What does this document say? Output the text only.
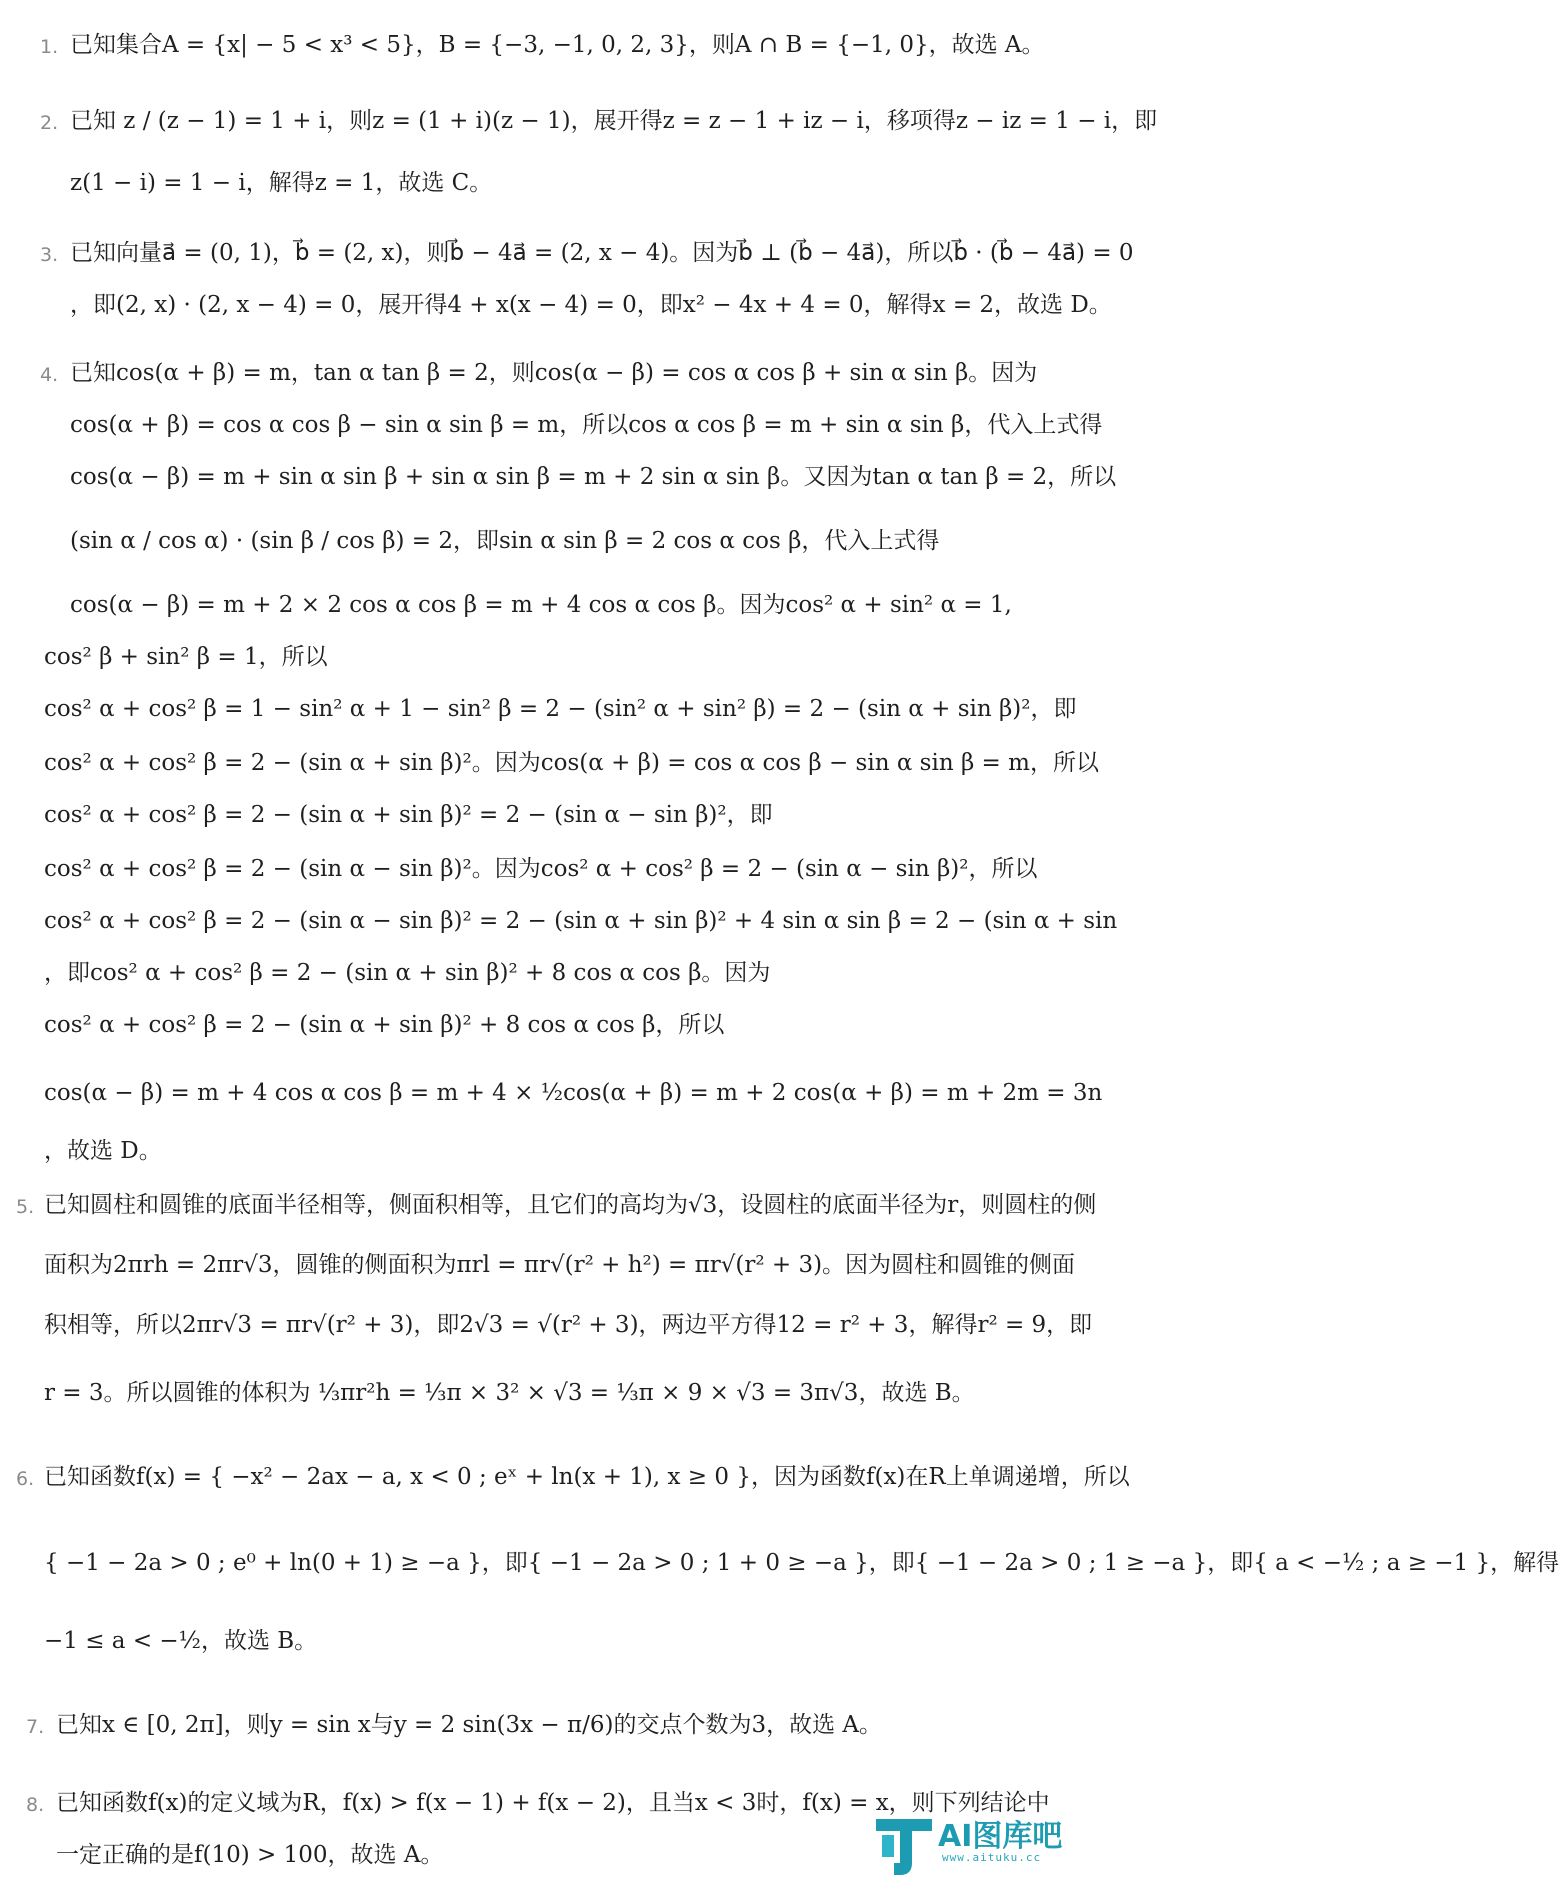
1. 已知集合A = {x| − 5 < x³ < 5}，B = {−3, −1, 0, 2, 3}，则A ∩ B = {−1, 0}，故选 A。
2. 已知 z / (z − 1) = 1 + i，则z = (1 + i)(z − 1)，展开得z = z − 1 + iz − i，移项得z − iz = 1 − i，即
z(1 − i) = 1 − i，解得z = 1，故选 C。
3. 已知向量a⃗ = (0, 1)，b⃗ = (2, x)，则b⃗ − 4a⃗ = (2, x − 4)。因为b⃗ ⊥ (b⃗ − 4a⃗)，所以b⃗ · (b⃗ − 4a⃗) = 0
，即(2, x) · (2, x − 4) = 0，展开得4 + x(x − 4) = 0，即x² − 4x + 4 = 0，解得x = 2，故选 D。
4. 已知cos(α + β) = m，tan α tan β = 2，则cos(α − β) = cos α cos β + sin α sin β。因为
cos(α + β) = cos α cos β − sin α sin β = m，所以cos α cos β = m + sin α sin β，代入上式得
cos(α − β) = m + sin α sin β + sin α sin β = m + 2 sin α sin β。又因为tan α tan β = 2，所以
(sin α / cos α) · (sin β / cos β) = 2，即sin α sin β = 2 cos α cos β，代入上式得
cos(α − β) = m + 2 × 2 cos α cos β = m + 4 cos α cos β。因为cos² α + sin² α = 1,
cos² β + sin² β = 1，所以
cos² α + cos² β = 1 − sin² α + 1 − sin² β = 2 − (sin² α + sin² β) = 2 − (sin α + sin β)²，即
cos² α + cos² β = 2 − (sin α + sin β)²。因为cos(α + β) = cos α cos β − sin α sin β = m，所以
cos² α + cos² β = 2 − (sin α + sin β)² = 2 − (sin α − sin β)²，即
cos² α + cos² β = 2 − (sin α − sin β)²。因为cos² α + cos² β = 2 − (sin α − sin β)²，所以
cos² α + cos² β = 2 − (sin α − sin β)² = 2 − (sin α + sin β)² + 4 sin α sin β = 2 − (sin α + sin
，即cos² α + cos² β = 2 − (sin α + sin β)² + 8 cos α cos β。因为
cos² α + cos² β = 2 − (sin α + sin β)² + 8 cos α cos β，所以
cos(α − β) = m + 4 cos α cos β = m + 4 × ½cos(α + β) = m + 2 cos(α + β) = m + 2m = 3n
，故选 D。
5. 已知圆柱和圆锥的底面半径相等，侧面积相等，且它们的高均为√3，设圆柱的底面半径为r，则圆柱的侧
面积为2πrh = 2πr√3，圆锥的侧面积为πrl = πr√(r² + h²) = πr√(r² + 3)。因为圆柱和圆锥的侧面
积相等，所以2πr√3 = πr√(r² + 3)，即2√3 = √(r² + 3)，两边平方得12 = r² + 3，解得r² = 9，即
r = 3。所以圆锥的体积为 ⅓πr²h = ⅓π × 3² × √3 = ⅓π × 9 × √3 = 3π√3，故选 B。
6. 已知函数f(x) = { −x² − 2ax − a, x < 0 ; eˣ + ln(x + 1), x ≥ 0 }，因为函数f(x)在R上单调递增，所以
{ −1 − 2a > 0 ; e⁰ + ln(0 + 1) ≥ −a }，即{ −1 − 2a > 0 ; 1 + 0 ≥ −a }，即{ −1 − 2a > 0 ; 1 ≥ −a }，即{ a < −½ ; a ≥ −1 }，解得
−1 ≤ a < −½，故选 B。
7. 已知x ∈ [0, 2π]，则y = sin x与y = 2 sin(3x − π/6)的交点个数为3，故选 A。
8. 已知函数f(x)的定义域为R，f(x) > f(x − 1) + f(x − 2)，且当x < 3时，f(x) = x，则下列结论中
一定正确的是f(10) > 100，故选 A。
AI图库吧
www.aituku.cc
